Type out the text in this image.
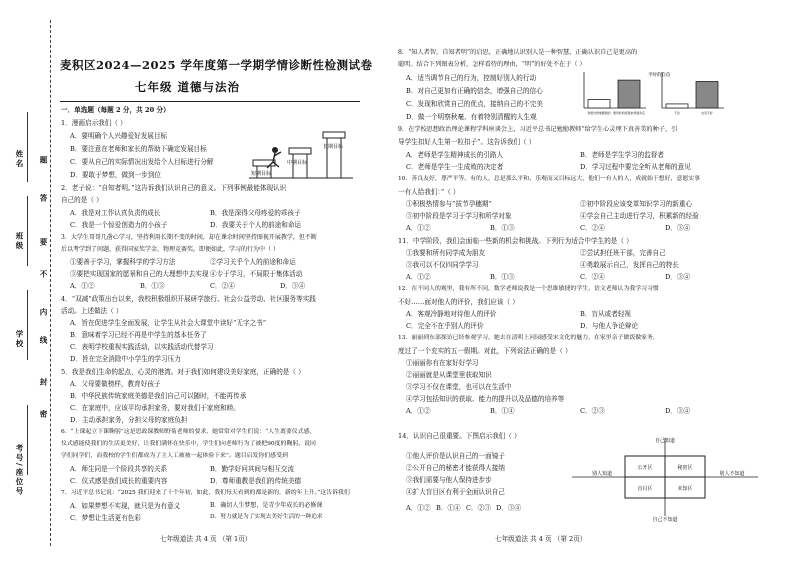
考号/座位号
学校
班级
姓名
密
封
线
内
不
要
答
题
麦积区2024—2025 学年度第一学期学情诊断性检测试卷
七年级 道德与法治
一．单选题（每题 2 分，共 20 分）
1．漫画启示我们（ ）
A．要明确个人兴趣爱好发展目标
B．要注意在老师和家长的帮助下确定发展目标
C．要从自己的实际情况出发给个人目标进行分解
D．要敢于梦想，做到一步到位	短期目标
中期目标
长期目标
2．老子说：“自知者明。”这告诉我们认识自己的意义。下列事例最能体现认识
自己的是（ ）
A．我是对工作认真负责的成长	B．我是深得父母疼爱的乖孩子
C．我是一个惊爱创造力的小孩子	D．我要关于个人的前途和命运
3．大学生哥哥几凿心学习，坚持利用长期不变的时间，却在课余时间坚持图视开展教学，但不断
后以考学到了问题，获得国家奖学金、物理竞赛奖。即便如此，学习的行为中（ ）
①要善于学习，掌握科学的学习方法	②学习关乎个人的前途和命运
③要把实现国家的愿景和自己的大理想中去实现 ④专于学习，不局限于集体活动
A．①②	B．①③	C．②④	D．③④
4．“双减”政策出台以来，我校积极组织开展研学旅行、社会公益劳动、社区服务等实践
活动。上述做法（ ）
A．旨在促进学生全面发展，让学生从社会大课堂中读好“无字之书”
B．意味着学习已经不再是中学生的基本任务了
C．表明学校重视实践活动，以实践活动代替学习
D．旨在完全消除中小学生的学习压力
5．我是我们生命的起点，心灵的港湾。对于我们如何建设美好家庭，正确的是（ ）
A．父母要做榜样，教育好孩子
B．中华民族传统家庭美德是我们自己可以随时，不能再传承
C．在家庭中，应该平均承担家务，要对我们于家庭和睦。
D．主动承担家务，分担父母的家庭负担
6．“上课起立下课鞠躬”这是思政课教师野菊老师的要求，她常常对学生们说：“人生离要仪式感，
仪式感能使我们的生活更美好，让我们满怀在快乐中，学生们向老师行为了被把90度的鞠躬，说同
学们同学们，而我校的学生们都成为了主人工被被一起体验下来”。题目启发你们感受到
A．师生同是一个阶段共享的关系	B．勤学好问其间与相互交流
C．仪式感是我们成长的重要内容	D．尊师重教是我们的传统美德
7．习近平总书记说：“2025 我们迎来了十个年初，如此，我们每天看到的都是新的，新的年上升。”这告诉我们
A．如果梦想不实现，就只是为有意义	B．确切人生梦想，是青少年成长的必修课
C．梦想让生活更有色彩	D．努力就是为了实现去美好生活的一种追求
七年级道法 共 4 页 （第 1页）
8．“知人者智，自知者明”的启思，正确地认识别人是一种智慧，正确认识自己是更高的
聪明。结合下列图表分析，怎样看待的理由，“明”的好处不在于（ ）
A．适当调节自己的行为，控制好别人的行动
B．对自己更加有正确的信念，增强自己的信心
C．发现和欣赏自己的优点，接纳自己的不完美
D．做一个明察秋毫、有着特别清醒的人生观
平时的自信
你很自然地跟我的 想用好的表现来得到肯定	不会	也有不好
9．在学校思想政治理论课程学科座谈会上，习近平总书记勉励教师“给学生心灵埋下真善美的种子，引
导学生扣好人生第一粒扣子”。这告诉我们（ ）
A．老师是学生精神成长的引路人	B．老师是学生学习的监督者
C．老师是学生一生成败的决定者	D．学习过程中要完全听从老师的意见
10．善良友好，尊严平等。有的人，总是那么平和、乐观而又目标远大，他们一有人的人，成就始于想好，意愿实事
一有人给我们：”（ ）
①积极热情参与“拔节孕穗期”	②初中阶段应该变革知识学习的新重心
③初中阶段是学习于学习和所学对象	④学会自己主动进行学习，积累新的经验
A．①②	B．①③	C．②④	D．③④
11．中学阶段，我们会面临一些新的机会和挑战。下列行为适合中学生的是（ ）
①我要和所有同学成为朋友	②尝试担任班干部，完善自己
③我可以不仅四同学学习	④勇敢展示自己，发挥自己的特长
A．①②	B．①③	C．②④	D．③④
12．在不同人的观里，我有所不同，数学老师说我是一个思维敏捷的学生，语文老师认为我学习习惯
不好……面对他人的评价，我们应该（ ）
A．客观冷静地对待他人的评价	B．盲从或者轻视
C．完全不在乎别人的评价	D．与他人争论辩论
13．丽丽到东部探访已经参观学习，她去在清明上河园感受宋文化的魅力，在家里亲子做饭做家务，
度过了一个充实的五一假期。对此，下列说法正确的是（ ）
①丽丽你有在家好好学习
②丽丽就是从课堂里获取知识
③学习不仅在课堂，也可以在生活中
④学习包括知识的获取、能力的提升以及品德的培养等
A．①②	B．①④	C．②③	D．③④
14．认识自己很重要。下图启示我们（ ）
①他人评价是认识自己的一面镜子
②公开自己的秘密才能获得人接纳
③我们需要与他人保持进步步
④扩大盲目区有利于全面认识自己
A．①② B．①④ C．②③ D．③④
自己知道
自己不知道
别人知道	别人不知道
公开区	秘密区
盲目区	未知区
七年级道法 共 4 页 （第 2页）
